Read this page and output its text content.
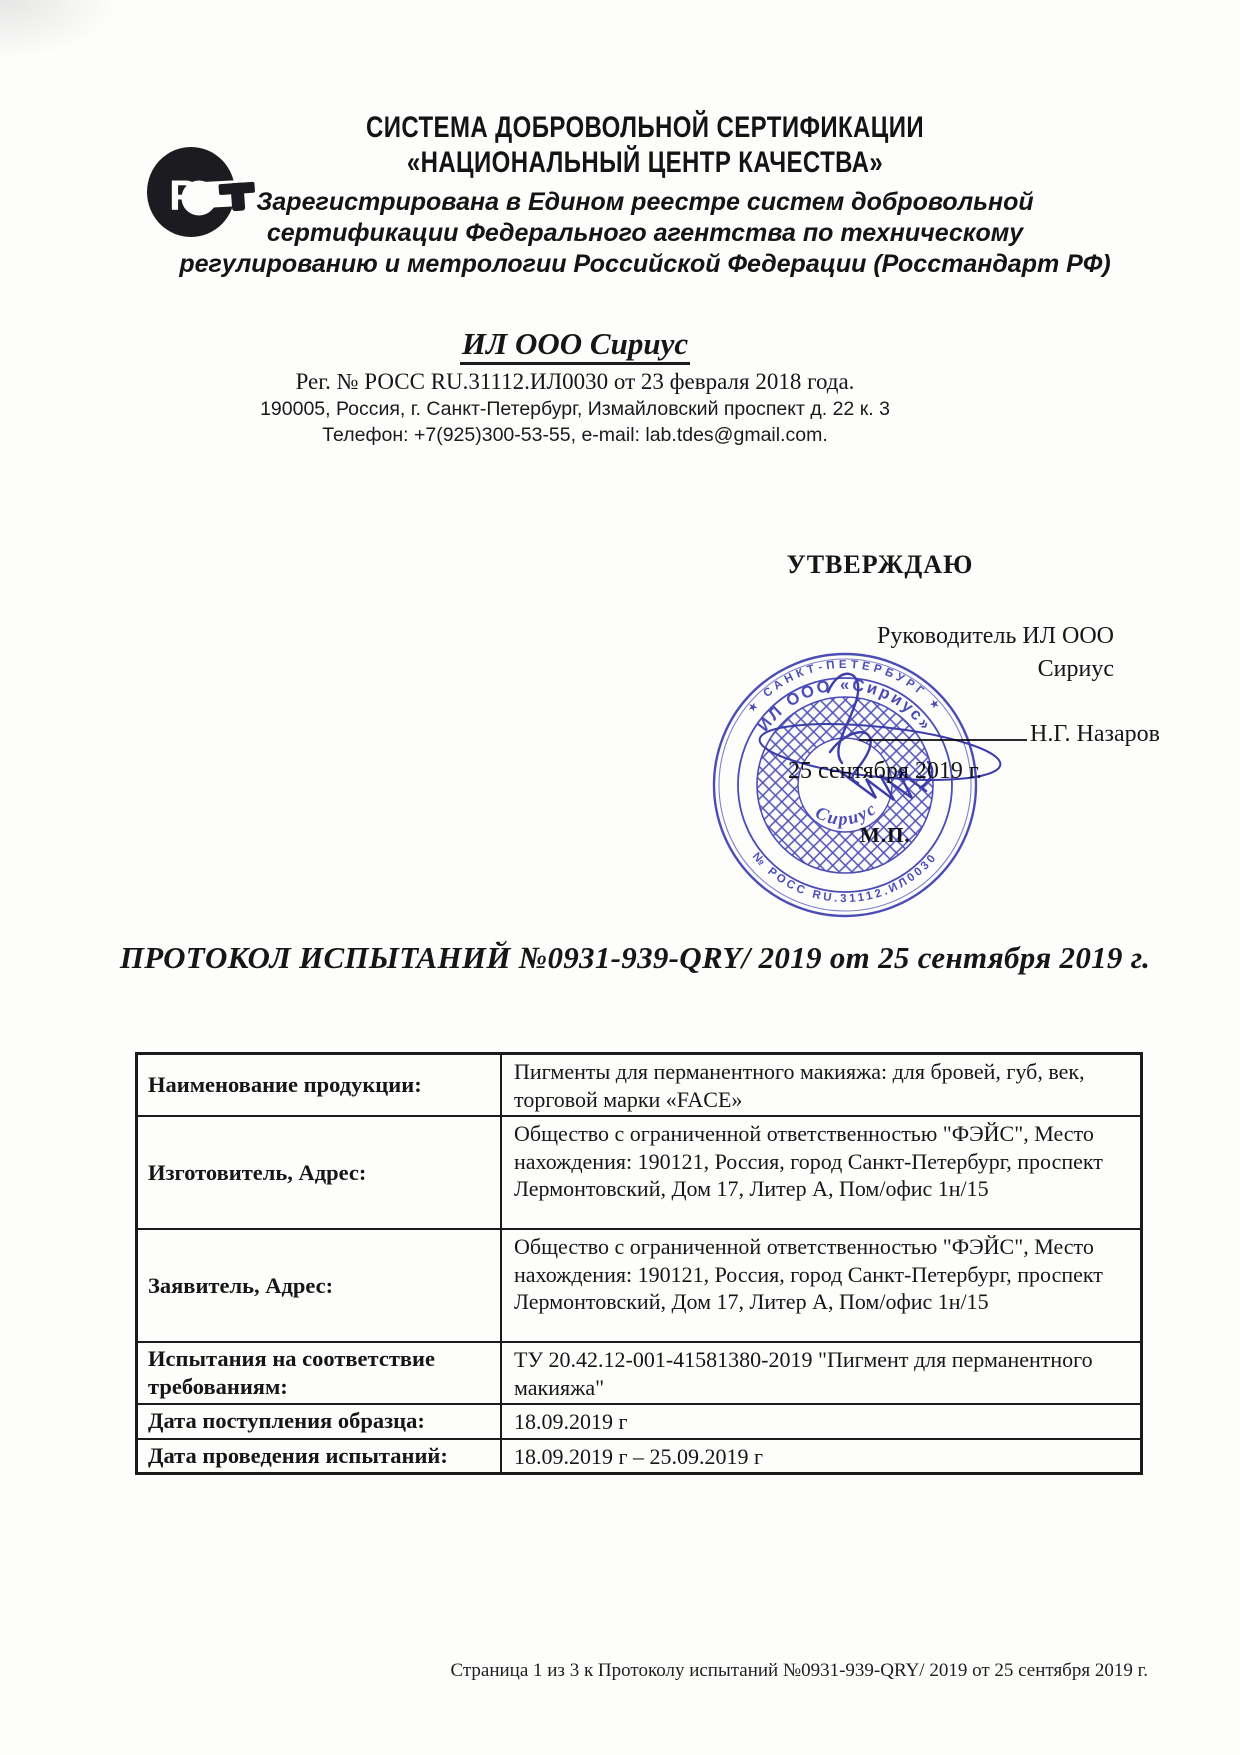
Р
СИСТЕМА ДОБРОВОЛЬНОЙ СЕРТИФИКАЦИИ
«НАЦИОНАЛЬНЫЙ ЦЕНТР КАЧЕСТВА»
Зарегистрирована в Едином реестре систем добровольной
сертификации Федерального агентства по техническому
регулированию и метрологии Российской Федерации (Росстандарт РФ)
ИЛ ООО Сириус
Рег. № РОСС RU.31112.ИЛ0030 от 23 февраля 2018 года.
190005, Россия, г. Санкт-Петербург, Измайловский проспект д. 22 к. 3
Телефон: +7(925)300-53-55, e-mail: lab.tdes@gmail.com.
УТВЕРЖДАЮ
Руководитель ИЛ ООО
Сириус
Н.Г. Назаров
25 сентября 2019 г.
М.П.
★ САНКТ-ПЕТЕРБУРГ ★
№ РОСС RU.31112.ИЛ0030
ИЛ ООО «Сириус»
Сириус
ПРОТОКОЛ ИСПЫТАНИЙ №0931-939-QRY/ 2019 от 25 сентября 2019 г.
Наименование продукции:
Пигменты для перманентного макияжа: для бровей, губ, век, торговой марки «FACE»
Изготовитель, Адрес:
Общество с ограниченной ответственностью "ФЭЙС", Место нахождения: 190121, Россия, город Санкт-Петербург, проспект Лермонтовский, Дом 17, Литер А, Пом/офис 1н/15
Заявитель, Адрес:
Общество с ограниченной ответственностью "ФЭЙС", Место нахождения: 190121, Россия, город Санкт-Петербург, проспект Лермонтовский, Дом 17, Литер А, Пом/офис 1н/15
Испытания на соответствие требованиям:
ТУ 20.42.12-001-41581380-2019 "Пигмент для перманентного макияжа"
Дата поступления образца:	18.09.2019 г
Дата проведения испытаний:	18.09.2019 г – 25.09.2019 г
Страница 1 из 3 к Протоколу испытаний №0931-939-QRY/ 2019 от 25 сентября 2019 г.
